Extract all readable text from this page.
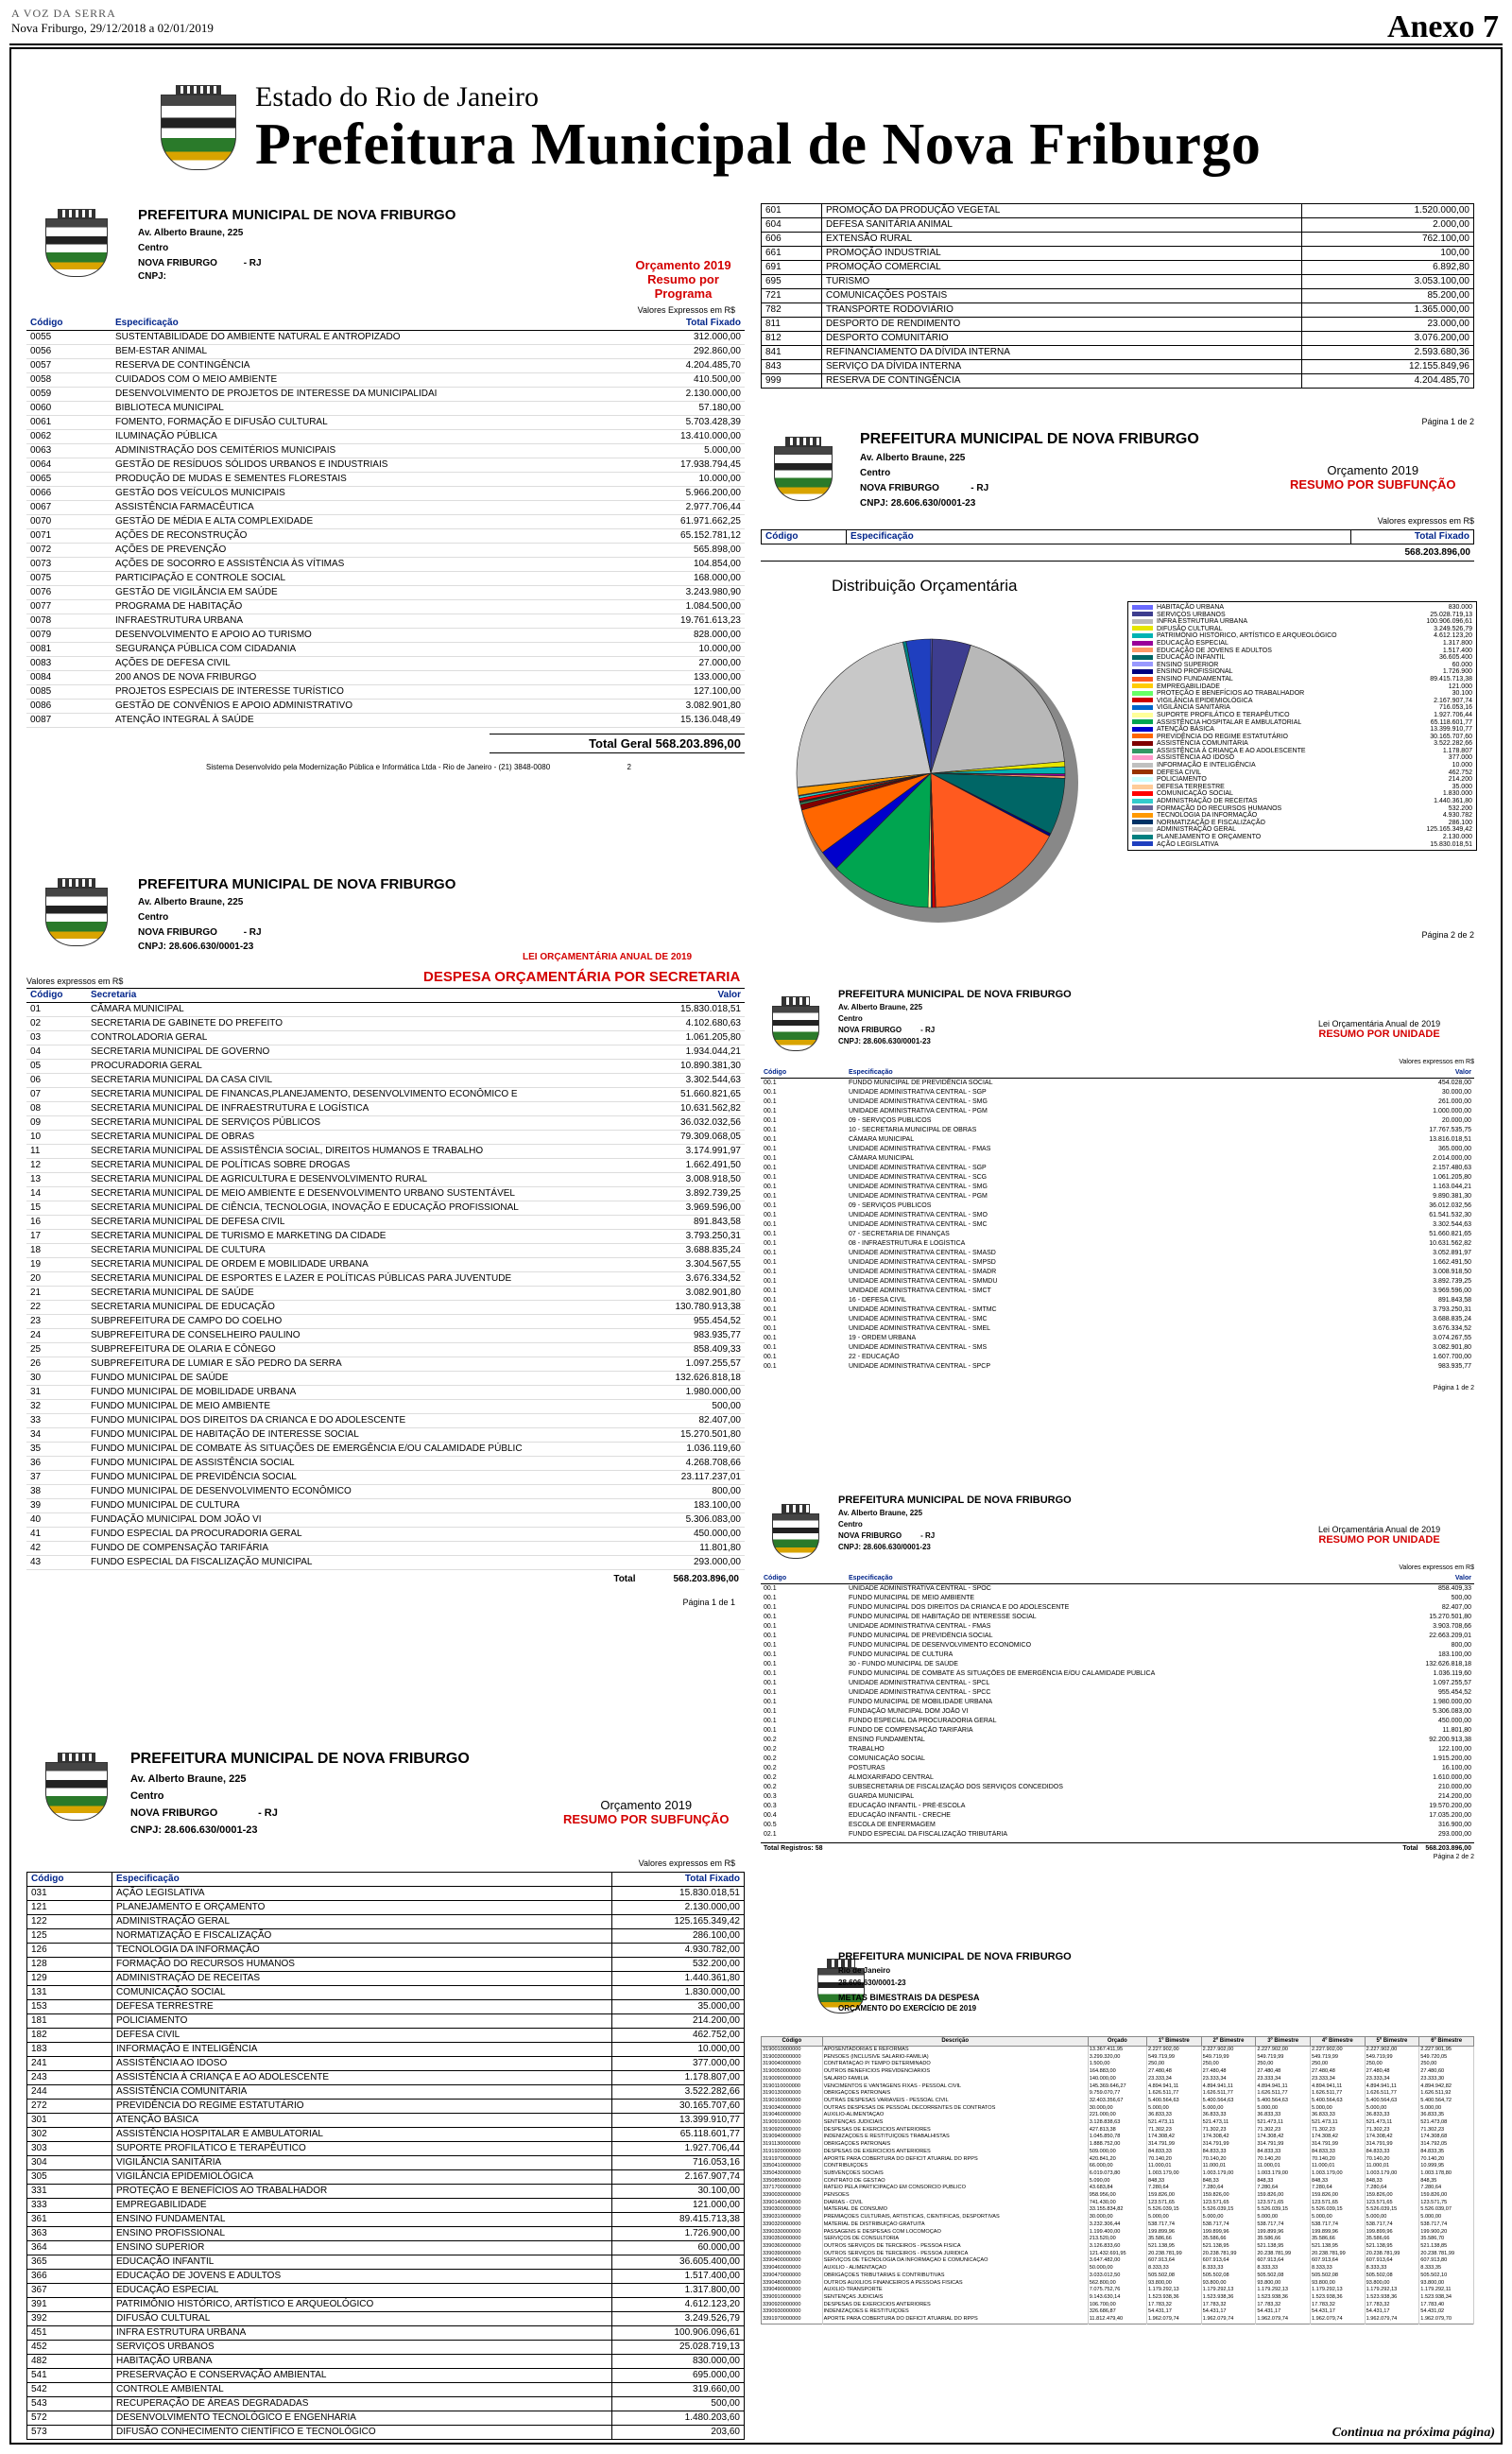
A VOZ DA SERRA
Nova Friburgo, 29/12/2018 a 02/01/2019	Anexo 7
Estado do Rio de Janeiro
Prefeitura Municipal de Nova Friburgo
PREFEITURA MUNICIPAL DE NOVA FRIBURGO
Av. Alberto Braune, 225
Centro
NOVA FRIBURGO	- RJ
CNPJ:
Orçamento 2019
Resumo por Programa
Valores Expressos em R$
Código	Especificação	Total Fixado
0055	SUSTENTABILIDADE DO AMBIENTE NATURAL E ANTROPIZADO	312.000,00
0056	BEM-ESTAR ANIMAL	292.860,00
0057	RESERVA DE CONTINGÊNCIA	4.204.485,70
0058	CUIDADOS COM O MEIO AMBIENTE	410.500,00
0059	DESENVOLVIMENTO DE PROJETOS DE INTERESSE DA MUNICIPALIDAI	2.130.000,00
0060	BIBLIOTECA MUNICIPAL	57.180,00
0061	FOMENTO, FORMAÇÃO E DIFUSÃO CULTURAL	5.703.428,39
0062	ILUMINAÇÃO PÚBLICA	13.410.000,00
0063	ADMINISTRAÇÃO DOS CEMITÉRIOS MUNICIPAIS	5.000,00
0064	GESTÃO DE RESÍDUOS SÓLIDOS URBANOS E INDUSTRIAIS	17.938.794,45
0065	PRODUÇÃO DE MUDAS E SEMENTES FLORESTAIS	10.000,00
0066	GESTÃO DOS VEÍCULOS MUNICIPAIS	5.966.200,00
0067	ASSISTÊNCIA FARMACÊUTICA	2.977.706,44
0070	GESTÃO DE MÉDIA E ALTA COMPLEXIDADE	61.971.662,25
0071	AÇÕES DE RECONSTRUÇÃO	65.152.781,12
0072	AÇÕES DE PREVENÇÃO	565.898,00
0073	AÇÕES DE SOCORRO E ASSISTÊNCIA ÀS VÍTIMAS	104.854,00
0075	PARTICIPAÇÃO E CONTROLE SOCIAL	168.000,00
0076	GESTÃO DE VIGILÂNCIA EM SAÚDE	3.243.980,90
0077	PROGRAMA DE HABITAÇÃO	1.084.500,00
0078	INFRAESTRUTURA URBANA	19.761.613,23
0079	DESENVOLVIMENTO E APOIO AO TURISMO	828.000,00
0081	SEGURANÇA PÚBLICA COM CIDADANIA	10.000,00
0083	AÇÕES DE DEFESA CIVIL	27.000,00
0084	200 ANOS DE NOVA FRIBURGO	133.000,00
0085	PROJETOS ESPECIAIS DE INTERESSE TURÍSTICO	127.100,00
0086	GESTÃO DE CONVÊNIOS E APOIO ADMINISTRATIVO	3.082.901,80
0087	ATENÇÃO INTEGRAL À SAÚDE	15.136.048,49
Total Geral 568.203.896,00
Sistema Desenvolvido pela Modernização Pública e Informática Ltda - Rio de Janeiro - (21) 3848-0080	2
PREFEITURA MUNICIPAL DE NOVA FRIBURGO
Av. Alberto Braune, 225
Centro
NOVA FRIBURGO	- RJ
CNPJ: 28.606.630/0001-23
LEI ORÇAMENTÁRIA ANUAL DE 2019
DESPESA ORÇAMENTÁRIA POR SECRETARIA
Valores expressos em R$
Código	Secretaria	Valor
01	CÂMARA MUNICIPAL	15.830.018,51
02	SECRETARIA DE GABINETE DO PREFEITO	4.102.680,63
03	CONTROLADORIA GERAL	1.061.205,80
04	SECRETARIA MUNICIPAL DE GOVERNO	1.934.044,21
05	PROCURADORIA GERAL	10.890.381,30
06	SECRETARIA MUNICIPAL DA CASA CIVIL	3.302.544,63
07	SECRETARIA MUNICIPAL DE FINANCAS,PLANEJAMENTO, DESENVOLVIMENTO ECONÔMICO E	51.660.821,65
08	SECRETARIA MUNICIPAL DE INFRAESTRUTURA E LOGÍSTICA	10.631.562,82
09	SECRETARIA MUNICIPAL DE SERVIÇOS PÚBLICOS	36.032.032,56
10	SECRETARIA MUNICIPAL DE OBRAS	79.309.068,05
11	SECRETARIA MUNICIPAL DE ASSISTÊNCIA SOCIAL, DIREITOS HUMANOS E TRABALHO	3.174.991,97
12	SECRETARIA MUNICIPAL DE POLÍTICAS SOBRE DROGAS	1.662.491,50
13	SECRETARIA MUNICIPAL DE AGRICULTURA E DESENVOLVIMENTO RURAL	3.008.918,50
14	SECRETARIA MUNICIPAL DE MEIO AMBIENTE E DESENVOLVIMENTO URBANO SUSTENTÁVEL	3.892.739,25
15	SECRETARIA MUNICIPAL DE CIÊNCIA, TECNOLOGIA, INOVAÇÃO E EDUCAÇÃO PROFISSIONAL	3.969.596,00
16	SECRETARIA MUNICIPAL DE DEFESA CIVIL	891.843,58
17	SECRETARIA MUNICIPAL DE TURISMO E MARKETING DA CIDADE	3.793.250,31
18	SECRETARIA MUNICIPAL DE CULTURA	3.688.835,24
19	SECRETARIA MUNICIPAL DE ORDEM E MOBILIDADE URBANA	3.304.567,55
20	SECRETARIA MUNICIPAL DE ESPORTES E LAZER E POLÍTICAS PÚBLICAS PARA JUVENTUDE	3.676.334,52
21	SECRETARIA MUNICIPAL DE SAÚDE	3.082.901,80
22	SECRETARIA MUNICIPAL DE EDUCAÇÃO	130.780.913,38
23	SUBPREFEITURA DE CAMPO DO COELHO	955.454,52
24	SUBPREFEITURA DE CONSELHEIRO PAULINO	983.935,77
25	SUBPREFEITURA DE OLARIA E CÔNEGO	858.409,33
26	SUBPREFEITURA DE LUMIAR E SÃO PEDRO DA SERRA	1.097.255,57
30	FUNDO MUNICIPAL DE SAÚDE	132.626.818,18
31	FUNDO MUNICIPAL DE MOBILIDADE URBANA	1.980.000,00
32	FUNDO MUNICIPAL DE MEIO AMBIENTE	500,00
33	FUNDO MUNICIPAL DOS DIREITOS DA CRIANCA E DO ADOLESCENTE	82.407,00
34	FUNDO MUNICIPAL DE HABITAÇÃO DE INTERESSE SOCIAL	15.270.501,80
35	FUNDO MUNICIPAL DE COMBATE ÀS SITUAÇÕES DE EMERGÊNCIA E/OU CALAMIDADE PÚBLIC	1.036.119,60
36	FUNDO MUNICIPAL DE ASSISTÊNCIA SOCIAL	4.268.708,66
37	FUNDO MUNICIPAL DE PREVIDÊNCIA SOCIAL	23.117.237,01
38	FUNDO MUNICIPAL DE DESENVOLVIMENTO ECONÔMICO	800,00
39	FUNDO MUNICIPAL DE CULTURA	183.100,00
40	FUNDAÇÃO MUNICIPAL DOM JOÃO VI	5.306.083,00
41	FUNDO ESPECIAL DA PROCURADORIA GERAL	450.000,00
42	FUNDO DE COMPENSAÇÃO TARIFÁRIA	11.801,80
43	FUNDO ESPECIAL DA FISCALIZAÇÃO MUNICIPAL	293.000,00
Total	568.203.896,00
Página 1 de 1
PREFEITURA MUNICIPAL DE NOVA FRIBURGO
Av. Alberto Braune, 225
Centro
NOVA FRIBURGO	- RJ
CNPJ: 28.606.630/0001-23
Orçamento 2019
RESUMO POR SUBFUNÇÃO
Valores expressos em R$
Código	Especificação	Total Fixado
031	AÇÃO LEGISLATIVA	15.830.018,51
121	PLANEJAMENTO E ORÇAMENTO	2.130.000,00
122	ADMINISTRAÇÃO GERAL	125.165.349,42
125	NORMATIZAÇÃO E FISCALIZAÇÃO	286.100,00
126	TECNOLOGIA DA INFORMAÇÃO	4.930.782,00
128	FORMAÇÃO DO RECURSOS HUMANOS	532.200,00
129	ADMINISTRAÇÃO DE RECEITAS	1.440.361,80
131	COMUNICAÇÃO SOCIAL	1.830.000,00
153	DEFESA TERRESTRE	35.000,00
181	POLICIAMENTO	214.200,00
182	DEFESA CIVIL	462.752,00
183	INFORMAÇÃO E INTELIGÊNCIA	10.000,00
241	ASSISTÊNCIA AO IDOSO	377.000,00
243	ASSISTÊNCIA À CRIANÇA E AO ADOLESCENTE	1.178.807,00
244	ASSISTÊNCIA COMUNITÁRIA	3.522.282,66
272	PREVIDÊNCIA DO REGIME ESTATUTÁRIO	30.165.707,60
301	ATENÇÃO BÁSICA	13.399.910,77
302	ASSISTÊNCIA HOSPITALAR E AMBULATORIAL	65.118.601,77
303	SUPORTE PROFILÁTICO E TERAPÊUTICO	1.927.706,44
304	VIGILÂNCIA SANITÁRIA	716.053,16
305	VIGILÂNCIA EPIDEMIOLÓGICA	2.167.907,74
331	PROTEÇÃO E BENEFÍCIOS AO TRABALHADOR	30.100,00
333	EMPREGABILIDADE	121.000,00
361	ENSINO FUNDAMENTAL	89.415.713,38
363	ENSINO PROFISSIONAL	1.726.900,00
364	ENSINO SUPERIOR	60.000,00
365	EDUCAÇÃO INFANTIL	36.605.400,00
366	EDUCAÇÃO DE JOVENS E ADULTOS	1.517.400,00
367	EDUCAÇÃO ESPECIAL	1.317.800,00
391	PATRIMÔNIO HISTÓRICO, ARTÍSTICO E ARQUEOLÓGICO	4.612.123,20
392	DIFUSÃO CULTURAL	3.249.526,79
451	INFRA ESTRUTURA URBANA	100.906.096,61
452	SERVIÇOS URBANOS	25.028.719,13
482	HABITAÇÃO URBANA	830.000,00
541	PRESERVAÇÃO E CONSERVAÇÃO AMBIENTAL	695.000,00
542	CONTROLE AMBIENTAL	319.660,00
543	RECUPERAÇÃO DE ÁREAS DEGRADADAS	500,00
572	DESENVOLVIMENTO TECNOLÓGICO E ENGENHARIA	1.480.203,60
573	DIFUSÃO CONHECIMENTO CIENTÍFICO E TECNOLÓGICO	203,60
601	PROMOÇÃO DA PRODUÇÃO VEGETAL	1.520.000,00
604	DEFESA SANITÁRIA ANIMAL	2.000,00
606	EXTENSÃO RURAL	762.100,00
661	PROMOÇÃO INDUSTRIAL	100,00
691	PROMOÇÃO COMERCIAL	6.892,80
695	TURISMO	3.053.100,00
721	COMUNICAÇÕES POSTAIS	85.200,00
782	TRANSPORTE RODOVIÁRIO	1.365.000,00
811	DESPORTO DE RENDIMENTO	23.000,00
812	DESPORTO COMUNITÁRIO	3.076.200,00
841	REFINANCIAMENTO DA DÍVIDA INTERNA	2.593.680,36
843	SERVIÇO DA DÍVIDA INTERNA	12.155.849,96
999	RESERVA DE CONTINGÊNCIA	4.204.485,70
Página 1 de 2
PREFEITURA MUNICIPAL DE NOVA FRIBURGO
Av. Alberto Braune, 225
Centro
NOVA FRIBURGO	- RJ
CNPJ: 28.606.630/0001-23
Orçamento 2019
RESUMO POR SUBFUNÇÃO
Valores expressos em R$
Código	Especificação	Total Fixado
568.203.896,00
Distribuição Orçamentária
HABITAÇÃO URBANA	830.000
SERVIÇOS URBANOS	25.028.719,13
INFRA ESTRUTURA URBANA	100.906.096,61
DIFUSÃO CULTURAL	3.249.526,79
PATRIMÔNIO HISTÓRICO, ARTÍSTICO E ARQUEOLÓGICO	4.612.123,20
EDUCAÇÃO ESPECIAL	1.317.800
EDUCAÇÃO DE JOVENS E ADULTOS	1.517.400
EDUCAÇÃO INFANTIL	36.605.400
ENSINO SUPERIOR	60.000
ENSINO PROFISSIONAL	1.726.900
ENSINO FUNDAMENTAL	89.415.713,38
EMPREGABILIDADE	121.000
PROTEÇÃO E BENEFÍCIOS AO TRABALHADOR	30.100
VIGILÂNCIA EPIDEMIOLÓGICA	2.167.907,74
VIGILÂNCIA SANITÁRIA	716.053,16
SUPORTE PROFILÁTICO E TERAPÊUTICO	1.927.706,44
ASSISTÊNCIA HOSPITALAR E AMBULATORIAL	65.118.601,77
ATENÇÃO BÁSICA	13.399.910,77
PREVIDÊNCIA DO REGIME ESTATUTÁRIO	30.165.707,60
ASSISTÊNCIA COMUNITÁRIA	3.522.282,66
ASSISTÊNCIA À CRIANÇA E AO ADOLESCENTE	1.178.807
ASSISTÊNCIA AO IDOSO	377.000
INFORMAÇÃO E INTELIGÊNCIA	10.000
DEFESA CIVIL	462.752
POLICIAMENTO	214.200
DEFESA TERRESTRE	35.000
COMUNICAÇÃO SOCIAL	1.830.000
ADMINISTRAÇÃO DE RECEITAS	1.440.361,80
FORMAÇÃO DO RECURSOS HUMANOS	532.200
TECNOLOGIA DA INFORMAÇÃO	4.930.782
NORMATIZAÇÃO E FISCALIZAÇÃO	286.100
ADMINISTRAÇÃO GERAL	125.165.349,42
PLANEJAMENTO E ORÇAMENTO	2.130.000
AÇÃO LEGISLATIVA	15.830.018,51
Página 2 de 2
PREFEITURA MUNICIPAL DE NOVA FRIBURGO
Av. Alberto Braune, 225
Centro
NOVA FRIBURGO	- RJ
CNPJ: 28.606.630/0001-23
Lei Orçamentária Anual de 2019
RESUMO POR UNIDADE
Valores expressos em R$
Código	Especificação	Valor
00.1	FUNDO MUNICIPAL DE PREVIDÊNCIA SOCIAL	454.028,00
00.1	UNIDADE ADMINISTRATIVA CENTRAL - SGP	30.000,00
00.1	UNIDADE ADMINISTRATIVA CENTRAL - SMG	261.000,00
00.1	UNIDADE ADMINISTRATIVA CENTRAL - PGM	1.000.000,00
00.1	09 - SERVIÇOS PÚBLICOS	20.000,00
00.1	10 - SECRETARIA MUNICIPAL DE OBRAS	17.767.535,75
00.1	CÂMARA MUNICIPAL	13.816.018,51
00.1	UNIDADE ADMINISTRATIVA CENTRAL - FMAS	365.000,00
00.1	CÂMARA MUNICIPAL	2.014.000,00
00.1	UNIDADE ADMINISTRATIVA CENTRAL - SGP	2.157.480,63
00.1	UNIDADE ADMINISTRATIVA CENTRAL - SCG	1.061.205,80
00.1	UNIDADE ADMINISTRATIVA CENTRAL - SMG	1.163.044,21
00.1	UNIDADE ADMINISTRATIVA CENTRAL - PGM	9.890.381,30
00.1	09 - SERVIÇOS PÚBLICOS	36.012.032,56
00.1	UNIDADE ADMINISTRATIVA CENTRAL - SMO	61.541.532,30
00.1	UNIDADE ADMINISTRATIVA CENTRAL - SMC	3.302.544,63
00.1	07 - SECRETARIA DE FINANÇAS	51.660.821,65
00.1	08 - INFRAESTRUTURA E LOGÍSTICA	10.631.562,82
00.1	UNIDADE ADMINISTRATIVA CENTRAL - SMASD	3.052.891,97
00.1	UNIDADE ADMINISTRATIVA CENTRAL - SMPSD	1.662.491,50
00.1	UNIDADE ADMINISTRATIVA CENTRAL - SMADR	3.008.918,50
00.1	UNIDADE ADMINISTRATIVA CENTRAL - SMMDU	3.892.739,25
00.1	UNIDADE ADMINISTRATIVA CENTRAL - SMCT	3.969.596,00
00.1	16 - DEFESA CIVIL	891.843,58
00.1	UNIDADE ADMINISTRATIVA CENTRAL - SMTMC	3.793.250,31
00.1	UNIDADE ADMINISTRATIVA CENTRAL - SMC	3.688.835,24
00.1	UNIDADE ADMINISTRATIVA CENTRAL - SMEL	3.676.334,52
00.1	19 - ORDEM URBANA	3.074.267,55
00.1	UNIDADE ADMINISTRATIVA CENTRAL - SMS	3.082.901,80
00.1	22 - EDUCAÇÃO	1.607.700,00
00.1	UNIDADE ADMINISTRATIVA CENTRAL - SPCP	983.935,77
Página 1 de 2
PREFEITURA MUNICIPAL DE NOVA FRIBURGO
Av. Alberto Braune, 225
Centro
NOVA FRIBURGO	- RJ
CNPJ: 28.606.630/0001-23
Lei Orçamentária Anual de 2019
RESUMO POR UNIDADE
Valores expressos em R$
Código	Especificação	Valor
00.1	UNIDADE ADMINISTRATIVA CENTRAL - SPOC	858.409,33
00.1	FUNDO MUNICIPAL DE MEIO AMBIENTE	500,00
00.1	FUNDO MUNICIPAL DOS DIREITOS DA CRIANCA E DO ADOLESCENTE	82.407,00
00.1	FUNDO MUNICIPAL DE HABITAÇÃO DE INTERESSE SOCIAL	15.270.501,80
00.1	UNIDADE ADMINISTRATIVA CENTRAL - FMAS	3.903.708,66
00.1	FUNDO MUNICIPAL DE PREVIDÊNCIA SOCIAL	22.663.209,01
00.1	FUNDO MUNICIPAL DE DESENVOLVIMENTO ECONÔMICO	800,00
00.1	FUNDO MUNICIPAL DE CULTURA	183.100,00
00.1	30 - FUNDO MUNICIPAL DE SAÚDE	132.626.818,18
00.1	FUNDO MUNICIPAL DE COMBATE ÀS SITUAÇÕES DE EMERGÊNCIA E/OU CALAMIDADE PÚBLICA	1.036.119,60
00.1	UNIDADE ADMINISTRATIVA CENTRAL - SPCL	1.097.255,57
00.1	UNIDADE ADMINISTRATIVA CENTRAL - SPCC	955.454,52
00.1	FUNDO MUNICIPAL DE MOBILIDADE URBANA	1.980.000,00
00.1	FUNDAÇÃO MUNICIPAL DOM JOÃO VI	5.306.083,00
00.1	FUNDO ESPECIAL DA PROCURADORIA GERAL	450.000,00
00.1	FUNDO DE COMPENSAÇÃO TARIFÁRIA	11.801,80
00.2	ENSINO FUNDAMENTAL	92.200.913,38
00.2	TRABALHO	122.100,00
00.2	COMUNICAÇÃO SOCIAL	1.915.200,00
00.2	POSTURAS	16.100,00
00.2	ALMOXARIFADO CENTRAL	1.610.000,00
00.2	SUBSECRETARIA DE FISCALIZAÇÃO DOS SERVIÇOS CONCEDIDOS	210.000,00
00.3	GUARDA MUNICIPAL	214.200,00
00.3	EDUCAÇÃO INFANTIL - PRÉ-ESCOLA	19.570.200,00
00.4	EDUCAÇÃO INFANTIL - CRECHE	17.035.200,00
00.5	ESCOLA DE ENFERMAGEM	316.900,00
02.1	FUNDO ESPECIAL DA FISCALIZAÇÃO TRIBUTÁRIA	293.000,00
Total Registros: 58	Total 568.203.896,00
Página 2 de 2
PREFEITURA MUNICIPAL DE NOVA FRIBURGO
Rio de Janeiro
28.606.630/0001-23
METAS BIMESTRAIS DA DESPESA
ORÇAMENTO DO EXERCÍCIO DE 2019
Código	Descrição	Orçado	1º Bimestre	2º Bimestre	3º Bimestre	4º Bimestre	5º Bimestre	6º Bimestre
3190010000000	APOSENTADORIAS E REFORMAS	13.367.411,95	2.227.902,00	2.227.902,00	2.227.902,00	2.227.902,00	2.227.902,00	2.227.901,95
3190030000000	PENSÕES (INCLUSIVE SALÁRIO-FAMÍLIA)	3.299.320,00	549.719,99	549.719,99	549.719,99	549.719,99	549.719,99	549.720,05
3190040000000	CONTRATAÇÃO P/ TEMPO DETERMINADO	1.500,00	250,00	250,00	250,00	250,00	250,00	250,00
3190050000000	OUTROS BENEFÍCIOS PREVIDENCIÁRIOS	164.883,00	27.480,48	27.480,48	27.480,48	27.480,48	27.480,48	27.480,60
3190090000000	SALÁRIO FAMÍLIA	140.000,00	23.333,34	23.333,34	23.333,34	23.333,34	23.333,34	23.333,30
3190110000000	VENCIMENTOS E VANTAGENS FIXAS - PESSOAL CIVIL	145.369.646,27	4.894.941,11	4.894.941,11	4.894.941,11	4.894.941,11	4.894.941,11	4.894.942,82
3190130000000	OBRIGAÇÕES PATRONAIS	9.759.070,77	1.626.511,77	1.626.511,77	1.626.511,77	1.626.511,77	1.626.511,77	1.626.511,92
3190160000000	OUTRAS DESPESAS VARIÁVEIS - PESSOAL CIVIL	32.403.356,67	5.400.564,63	5.400.564,63	5.400.564,63	5.400.564,63	5.400.564,63	5.400.564,72
3190340000000	OUTRAS DESPESAS DE PESSOAL DECORRENTES DE CONTRATOS	30.000,00	5.000,00	5.000,00	5.000,00	5.000,00	5.000,00	5.000,00
3190460000000	AUXÍLIO-ALIMENTAÇÃO	221.000,00	36.833,33	36.833,33	36.833,33	36.833,33	36.833,33	36.833,35
3190910000000	SENTENÇAS JUDICIAIS	3.128.838,63	521.473,11	521.473,11	521.473,11	521.473,11	521.473,11	521.473,08
3190920000000	DESPESAS DE EXERCÍCIOS ANTERIORES	427.813,38	71.302,23	71.302,23	71.302,23	71.302,23	71.302,23	71.302,23
3190940000000	INDENIZAÇÕES E RESTITUIÇÕES TRABALHISTAS	1.045.850,78	174.308,42	174.308,42	174.308,42	174.308,42	174.308,42	174.308,68
3191130000000	OBRIGAÇÕES PATRONAIS	1.888.752,00	314.791,99	314.791,99	314.791,99	314.791,99	314.791,99	314.792,05
3191920000000	DESPESAS DE EXERCÍCIOS ANTERIORES	509.000,00	84.833,33	84.833,33	84.833,33	84.833,33	84.833,33	84.833,35
3191970000000	APORTE PARA COBERTURA DO DÉFICIT ATUARIAL DO RPPS	420.841,20	70.140,20	70.140,20	70.140,20	70.140,20	70.140,20	70.140,20
3350410000000	CONTRIBUIÇÕES	66.000,00	11.000,01	11.000,01	11.000,01	11.000,01	11.000,01	10.999,95
3350430000000	SUBVENÇÕES SOCIAIS	6.019.073,80	1.003.179,00	1.003.179,00	1.003.179,00	1.003.179,00	1.003.179,00	1.003.178,80
3350850000000	CONTRATO DE GESTÃO	5.090,00	848,33	848,33	848,33	848,33	848,33	848,35
3371700000000	RATEIO PELA PARTICIPAÇÃO EM CONSÓRCIO PÚBLICO	43.683,84	7.280,64	7.280,64	7.280,64	7.280,64	7.280,64	7.280,64
3390030000000	PENSÕES	958.956,00	159.826,00	159.826,00	159.826,00	159.826,00	159.826,00	159.826,00
3390140000000	DIÁRIAS - CIVIL	741.430,00	123.571,65	123.571,65	123.571,65	123.571,65	123.571,65	123.571,75
3390300000000	MATERIAL DE CONSUMO	33.155.834,82	5.526.039,15	5.526.039,15	5.526.039,15	5.526.039,15	5.526.039,15	5.526.039,07
3390310000000	PREMIAÇÕES CULTURAIS, ARTÍSTICAS, CIENTÍFICAS, DESPORTIVAS	30.000,00	5.000,00	5.000,00	5.000,00	5.000,00	5.000,00	5.000,00
3390320000000	MATERIAL DE DISTRIBUIÇÃO GRATUITA	3.232.306,44	538.717,74	538.717,74	538.717,74	538.717,74	538.717,74	538.717,74
3390330000000	PASSAGENS E DESPESAS COM LOCOMOÇÃO	1.199.400,00	199.899,96	199.899,96	199.899,96	199.899,96	199.899,96	199.900,20
3390350000000	SERVIÇOS DE CONSULTORIA	213.520,00	35.586,66	35.586,66	35.586,66	35.586,66	35.586,66	35.586,70
3390360000000	OUTROS SERVIÇOS DE TERCEIROS - PESSOA FÍSICA	3.126.833,60	521.138,95	521.138,95	521.138,95	521.138,95	521.138,95	521.138,85
3390390000000	OUTROS SERVIÇOS DE TERCEIROS - PESSOA JURÍDICA	121.432.691,95	20.238.781,99	20.238.781,99	20.238.781,99	20.238.781,99	20.238.781,99	20.238.781,99
3390400000000	SERVIÇOS DE TECNOLOGIA DA INFORMAÇÃO E COMUNICAÇÃO	3.647.482,00	607.913,64	607.913,64	607.913,64	607.913,64	607.913,64	607.913,80
3390460000000	AUXÍLIO - ALIMENTAÇÃO	50.000,00	8.333,33	8.333,33	8.333,33	8.333,33	8.333,33	8.333,35
3390470000000	OBRIGAÇÕES TRIBUTÁRIAS E CONTRIBUTIVAS	3.033.012,50	505.502,08	505.502,08	505.502,08	505.502,08	505.502,08	505.502,10
3390480000000	OUTROS AUXÍLIOS FINANCEIROS A PESSOAS FÍSICAS	562.800,00	93.800,00	93.800,00	93.800,00	93.800,00	93.800,00	93.800,00
3390490000000	AUXÍLIO-TRANSPORTE	7.075.752,76	1.179.292,13	1.179.292,13	1.179.292,13	1.179.292,13	1.179.292,13	1.179.292,11
3390910000000	SENTENÇAS JUDICIAIS	9.143.630,14	1.523.938,36	1.523.938,36	1.523.938,36	1.523.938,36	1.523.938,36	1.523.938,34
3390920000000	DESPESAS DE EXERCÍCIOS ANTERIORES	106.700,00	17.783,32	17.783,32	17.783,32	17.783,32	17.783,32	17.783,40
3390930000000	INDENIZAÇÕES E RESTITUIÇÕES	326.686,87	54.431,17	54.431,17	54.431,17	54.431,17	54.431,17	54.431,02
3391970000000	APORTE PARA COBERTURA DO DÉFICIT ATUARIAL DO RPPS	11.812.479,40	1.962.079,74	1.962.079,74	1.962.079,74	1.962.079,74	1.962.079,74	1.962.079,70
Continua na próxima página)
